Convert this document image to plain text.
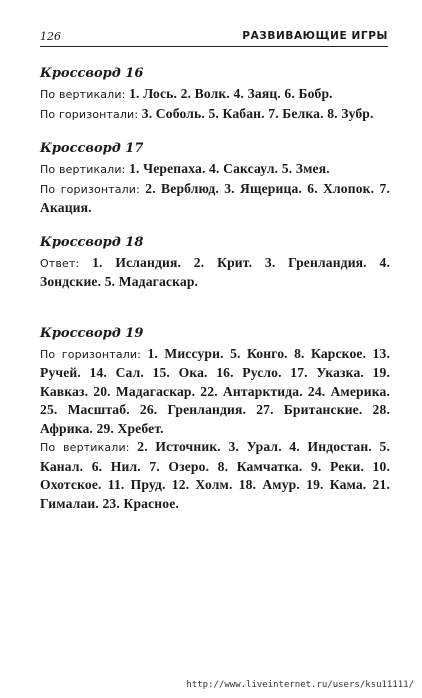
126	РАЗВИВАЮЩИЕ ИГРЫ
Кроссворд 16

По вертикали: 1. Лось. 2. Волк. 4. Заяц. 6. Бобр.

По горизонтали: 3. Соболь. 5. Кабан. 7. Белка. 8. Зубр.

Кроссворд 17

По вертикали: 1. Черепаха. 4. Саксаул. 5. Змея.

По горизонтали: 2. Верблюд. 3. Ящерица. 6. Хлопок. 7. Акация.

Кроссворд 18

Ответ: 1. Исландия. 2. Крит. 3. Гренландия. 4. Зондские. 5. Мадагаскар.

Кроссворд 19

По горизонтали: 1. Миссури. 5. Конго. 8. Карское. 13. Ручей. 14. Сал. 15. Ока. 16. Русло. 17. Указка. 19. Кавказ. 20. Мадагаскар. 22. Антарктида. 24. Америка. 25. Масштаб. 26. Гренландия. 27. Британские. 28. Африка. 29. Хребет.

По вертикали: 2. Источник. 3. Урал. 4. Индостан. 5. Канал. 6. Нил. 7. Озеро. 8. Камчатка. 9. Реки. 10. Охотское. 11. Пруд. 12. Холм. 18. Амур. 19. Кама. 21. Гималаи. 23. Красное.

http://www.liveinternet.ru/users/ksu11111/
